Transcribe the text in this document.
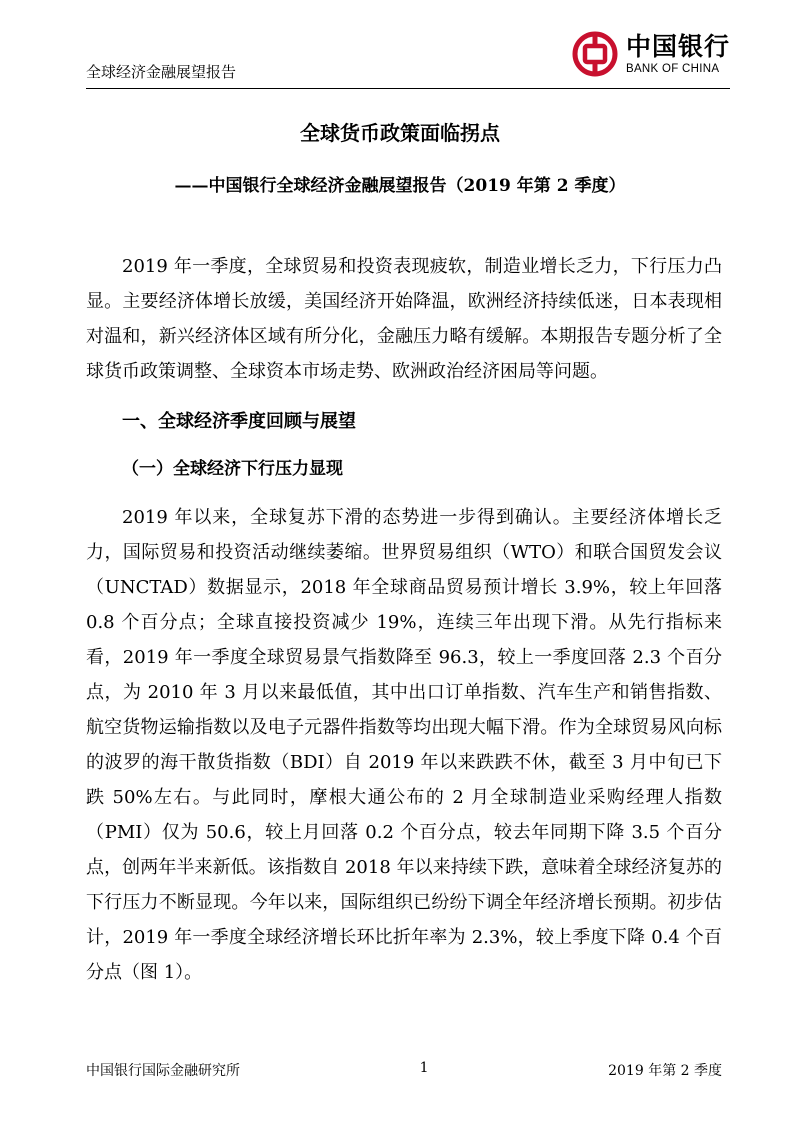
全球经济金融展望报告
中国银行
BANK OF CHINA
全球货币政策面临拐点
——中国银行全球经济金融展望报告（2019 年第 2 季度）

2019 年一季度，全球贸易和投资表现疲软，制造业增长乏力，下行压力凸显。主要经济体增长放缓，美国经济开始降温，欧洲经济持续低迷，日本表现相对温和，新兴经济体区域有所分化，金融压力略有缓解。本期报告专题分析了全球货币政策调整、全球资本市场走势、欧洲政治经济困局等问题。

一、全球经济季度回顾与展望

（一）全球经济下行压力显现

2019 年以来，全球复苏下滑的态势进一步得到确认。主要经济体增长乏力，国际贸易和投资活动继续萎缩。世界贸易组织（WTO）和联合国贸发会议（UNCTAD）数据显示，2018 年全球商品贸易预计增长 3.9%，较上年回落 0.8 个百分点；全球直接投资减少 19%，连续三年出现下滑。从先行指标来看，2019 年一季度全球贸易景气指数降至 96.3，较上一季度回落 2.3 个百分点，为 2010 年 3 月以来最低值，其中出口订单指数、汽车生产和销售指数、航空货物运输指数以及电子元器件指数等均出现大幅下滑。作为全球贸易风向标的波罗的海干散货指数（BDI）自 2019 年以来跌跌不休，截至 3 月中旬已下跌 50%左右。与此同时，摩根大通公布的 2 月全球制造业采购经理人指数（PMI）仅为 50.6，较上月回落 0.2 个百分点，较去年同期下降 3.5 个百分点，创两年半来新低。该指数自 2018 年以来持续下跌，意味着全球经济复苏的下行压力不断显现。今年以来，国际组织已纷纷下调全年经济增长预期。初步估计，2019 年一季度全球经济增长环比折年率为 2.3%，较上季度下降 0.4 个百分点（图 1）。

中国银行国际金融研究所	1	2019 年第 2 季度
